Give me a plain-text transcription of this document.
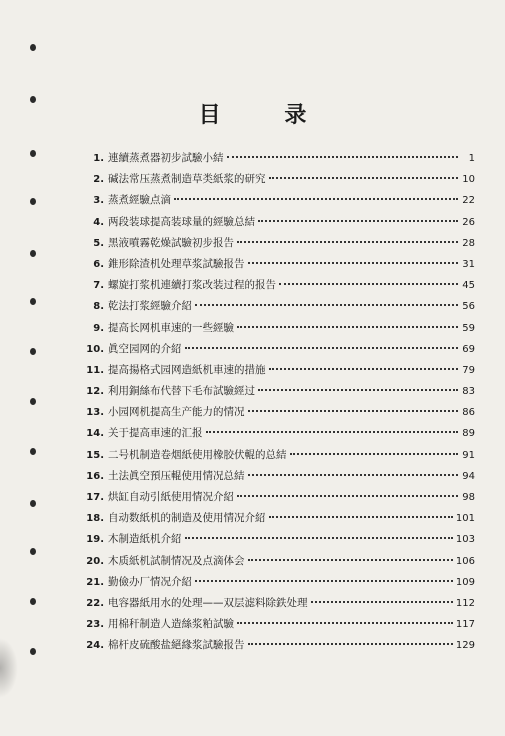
目 录
1. 連續蒸煮器初步試驗小結	1
2. 碱法常压蒸煮制造草类紙浆的研究	10
3. 蒸煮經驗点滴	22
4. 两段装球提高装球量的經驗总結	26
5. 黑液噴霧乾燥試驗初步报告	28
6. 錐形除渣机处理草浆試驗报告	31
7. 螺旋打浆机連續打浆改装过程的报告	45
8. 乾法打浆經驗介紹	56
9. 提高长网机車速的一些經驗	59
10. 眞空园网的介紹	69
11. 提高揚格式园网造紙机車速的措施	79
12. 利用銅絲布代替下毛布試驗經过	83
13. 小园网机提高生产能力的情况	86
14. 关于提高車速的汇报	89
15. 二号机制造卷烟紙使用橡胶伏輥的总結	91
16. 土法眞空預压輥使用情况总結	94
17. 烘缸自动引紙使用情况介紹	98
18. 自动数紙机的制造及使用情况介紹	101
19. 木制造紙机介紹	103
20. 木质紙机試制情况及点滴体会	106
21. 勤儉办厂情况介紹	109
22. 电容器紙用水的处理——双层滤料除鉄处理	112
23. 用棉秆制造人造絲浆粕試驗	117
24. 棉杆皮硫酸盐絕緣浆試驗报告	129
